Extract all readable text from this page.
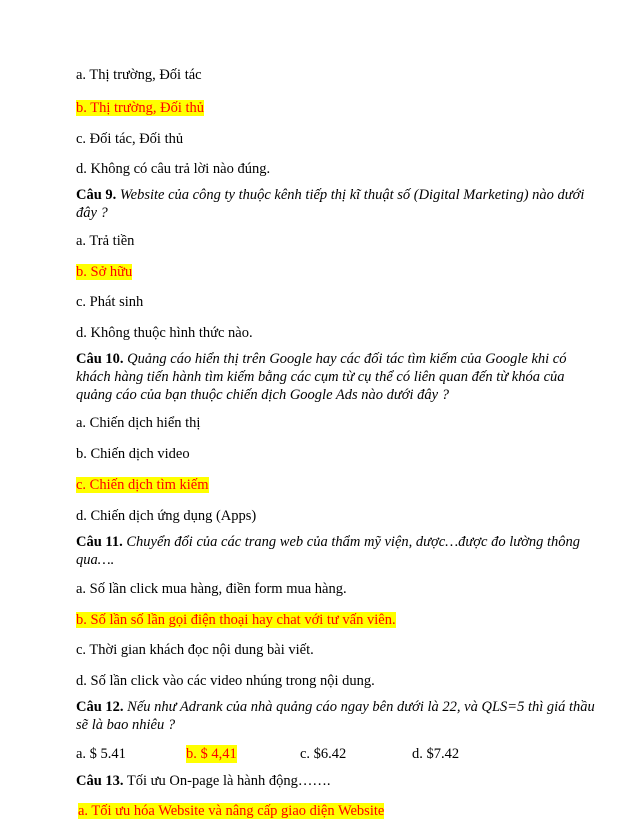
a. Thị trường, Đối tác
b. Thị trường, Đối thủ
c. Đối tác, Đối thủ
d. Không có câu trả lời nào đúng.
Câu 9. Website của công ty thuộc kênh tiếp thị kĩ thuật số (Digital Marketing) nào dưới
đây ?
a. Trả tiền
b. Sở hữu
c. Phát sinh
d. Không thuộc hình thức nào.
Câu 10. Quảng cáo hiển thị trên Google hay các đối tác tìm kiếm của Google khi có
khách hàng tiến hành tìm kiếm bằng các cụm từ cụ thể có liên quan đến từ khóa của
quảng cáo của bạn thuộc chiến dịch Google Ads nào dưới đây ?
a. Chiến dịch hiển thị
b. Chiến dịch video
c. Chiến dịch tìm kiếm
d. Chiến dịch ứng dụng (Apps)
Câu 11. Chuyển đổi của các trang web của thẩm mỹ viện, dược…được đo lường thông
qua….
a. Số lần click mua hàng, điền form mua hàng.
b. Số lần số lần gọi điện thoại hay chat với tư vấn viên.
c. Thời gian khách đọc nội dung bài viết.
d. Số lần click vào các video nhúng trong nội dung.
Câu 12. Nếu như Adrank của nhà quảng cáo ngay bên dưới là 22, và QLS=5 thì giá thầu
sẽ là bao nhiêu ?
a. $ 5.41	b. $ 4,41	c. $6.42	d. $7.42
Câu 13. Tối ưu On-page là hành động…….
a. Tối ưu hóa Website và nâng cấp giao diện Website
